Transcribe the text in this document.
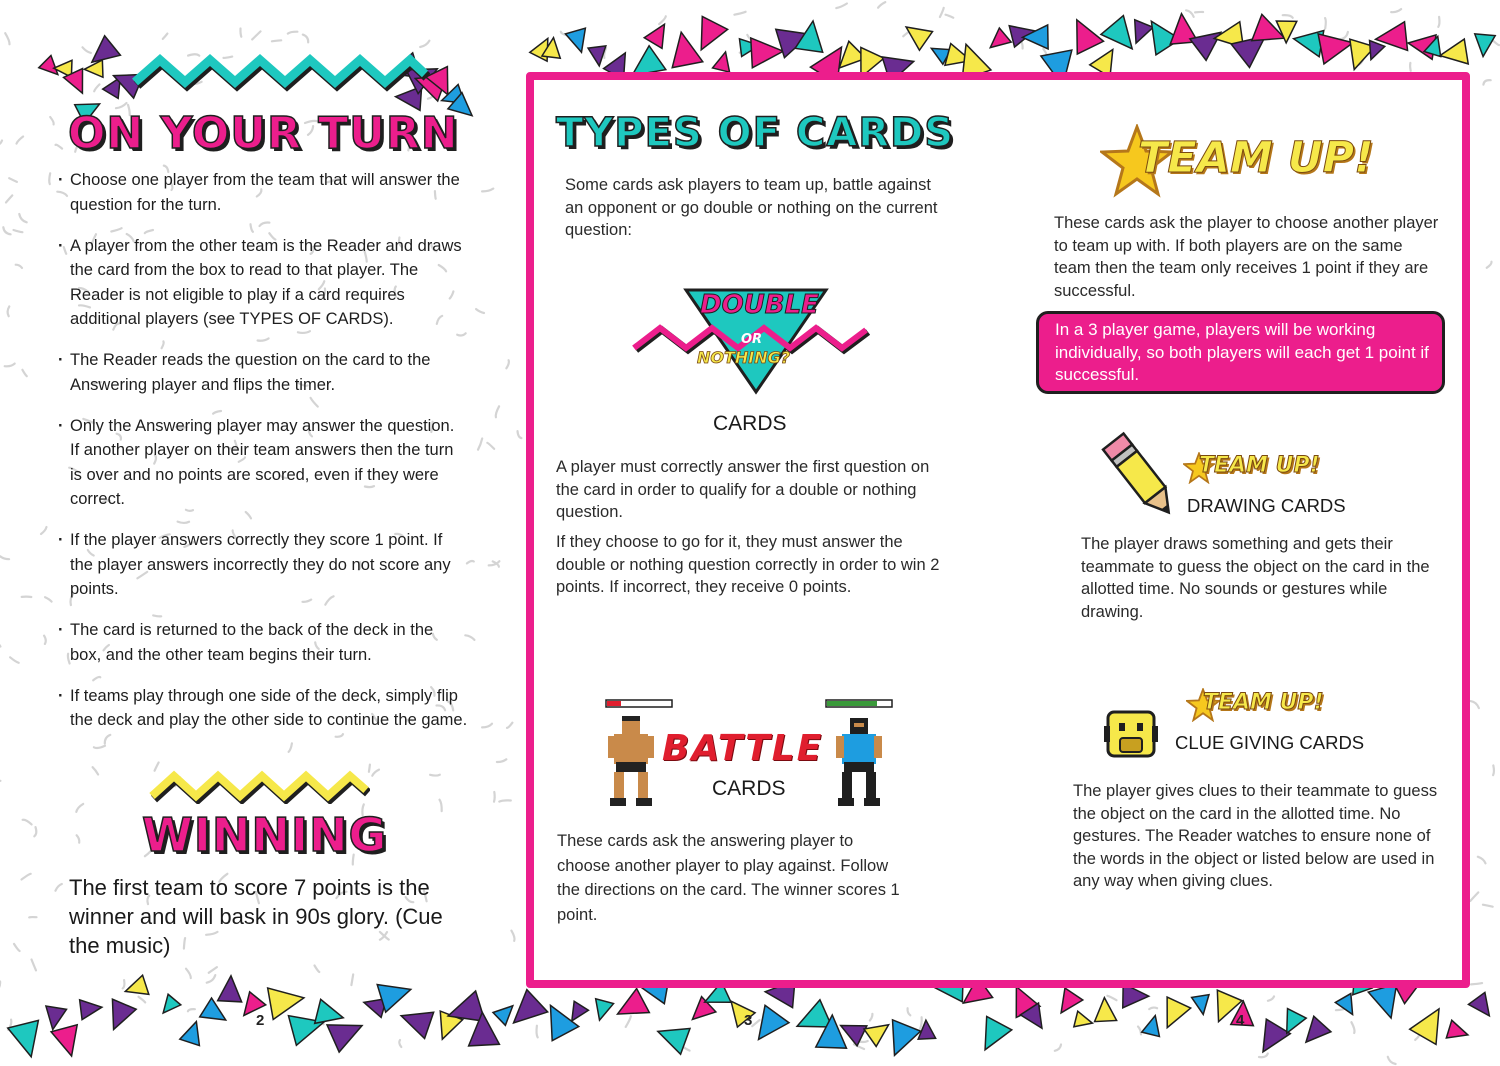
ON YOUR TURN
· Choose one player from the team that will answer the question for the turn.
· A player from the other team is the Reader and draws the card from the box to read to that player. The Reader is not eligible to play if a card requires additional players (see TYPES OF CARDS).
· The Reader reads the question on the card to the Answering player and flips the timer.
· Only the Answering player may answer the question. If another player on their team answers then the turn is over and no points are scored, even if they were correct.
· If the player answers correctly they score 1 point. If the player answers incorrectly they do not score any points.
· The card is returned to the back of the deck in the box, and the other team begins their turn.
· If teams play through one side of the deck, simply flip the deck and play the other side to continue the game.
WINNING
The first team to score 7 points is the winner and will bask in 90s glory. (Cue the music)
2
TYPES OF CARDS
Some cards ask players to team up, battle against an opponent or go double or nothing on the current question:
DOUBLE
OR
NOTHING?
CARDS
A player must correctly answer the first question on the card in order to qualify for a double or nothing question.
If they choose to go for it, they must answer the double or nothing question correctly in order to win 2 points. If incorrect, they receive 0 points.
BATTLE
CARDS
These cards ask the answering player to choose another player to play against. Follow the directions on the card. The winner scores 1 point.
TEAM UP!
These cards ask the player to choose another player to team up with. If both players are on the same team then the team only receives 1 point if they are successful.
In a 3 player game, players will be working individually, so both players will each get 1 point if successful.
TEAM UP!
DRAWING CARDS
The player draws something and gets their teammate to guess the object on the card in the allotted time. No sounds or gestures while drawing.
TEAM UP!
CLUE GIVING CARDS
The player gives clues to their teammate to guess the object on the card in the allotted time. No gestures. The Reader watches to ensure none of the words in the object or listed below are used in any way when giving clues.
3	4
